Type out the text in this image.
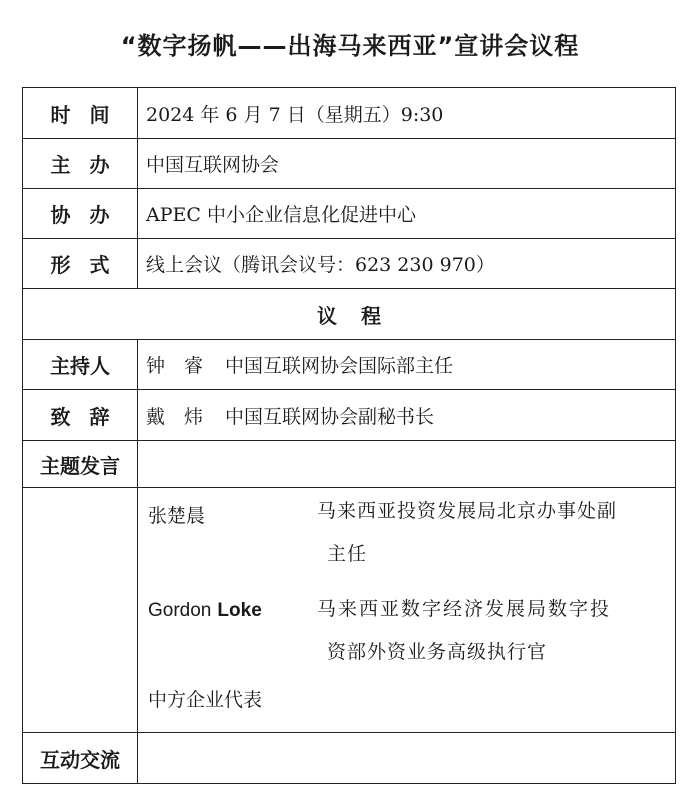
“数字扬帆——出海马来西亚”宣讲会议程
时间 2024 年 6 月 7 日（星期五）9:30
主办 中国互联网协会
协办 APEC 中小企业信息化促进中心
形式 线上会议（腾讯会议号：623 230 970）
议程
主持人	钟　睿 中国互联网协会国际部主任
致辞 戴　炜 中国互联网协会副秘书长
主题发言
张楚晨	马来西亚投资发展局北京办事处副
主任
Gordon Loke	马来西亚数字经济发展局数字投
资部外资业务高级执行官
中方企业代表
互动交流
